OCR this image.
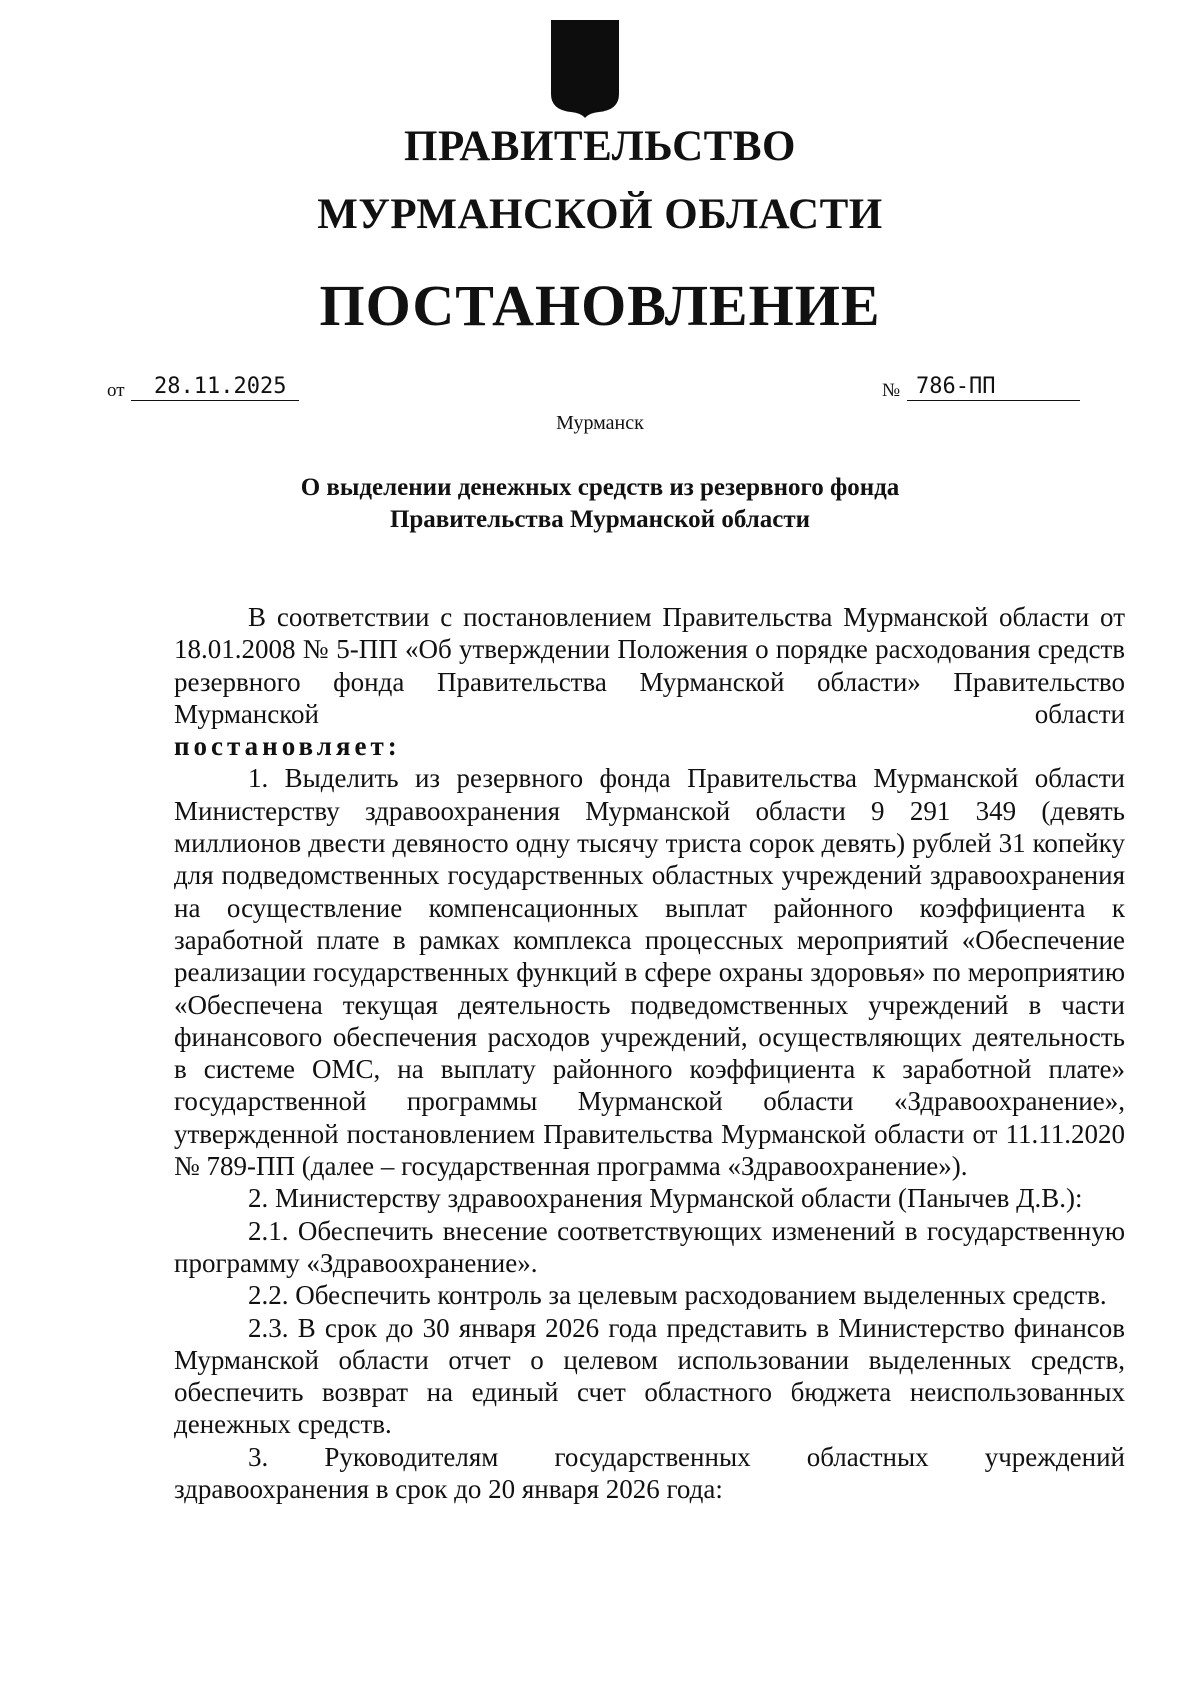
ПРАВИТЕЛЬСТВО
МУРМАНСКОЙ ОБЛАСТИ
ПОСТАНОВЛЕНИЕ
от 28.11.2025	№ 786-ПП
Мурманск
О выделении денежных средств из резервного фонда
Правительства Мурманской области

В соответствии с постановлением Правительства Мурманской области от 18.01.2008 № 5-ПП «Об утверждении Положения о порядке расходования средств резервного фонда Правительства Мурманской области» Правительство Мурманской области

постановляет:

1. Выделить из резервного фонда Правительства Мурманской области Министерству здравоохранения Мурманской области 9 291 349 (девять миллионов двести девяносто одну тысячу триста сорок девять) рублей 31 копейку для подведомственных государственных областных учреждений здравоохранения на осуществление компенсационных выплат районного коэффициента к заработной плате в рамках комплекса процессных мероприятий «Обеспечение реализации государственных функций в сфере охраны здоровья» по мероприятию «Обеспечена текущая деятельность подведомственных учреждений в части финансового обеспечения расходов учреждений, осуществляющих деятельность в системе ОМС, на выплату районного коэффициента к заработной плате» государственной программы Мурманской области «Здравоохранение», утвержденной постановлением Правительства Мурманской области от 11.11.2020 № 789-ПП (далее – государственная программа «Здравоохранение»).

2. Министерству здравоохранения Мурманской области (Панычев Д.В.):

2.1. Обеспечить внесение соответствующих изменений в государственную программу «Здравоохранение».

2.2. Обеспечить контроль за целевым расходованием выделенных средств.

2.3. В срок до 30 января 2026 года представить в Министерство финансов Мурманской области отчет о целевом использовании выделенных средств, обеспечить возврат на единый счет областного бюджета неиспользованных денежных средств.

3. Руководителям государственных областных учреждений здравоохранения в срок до 20 января 2026 года:
